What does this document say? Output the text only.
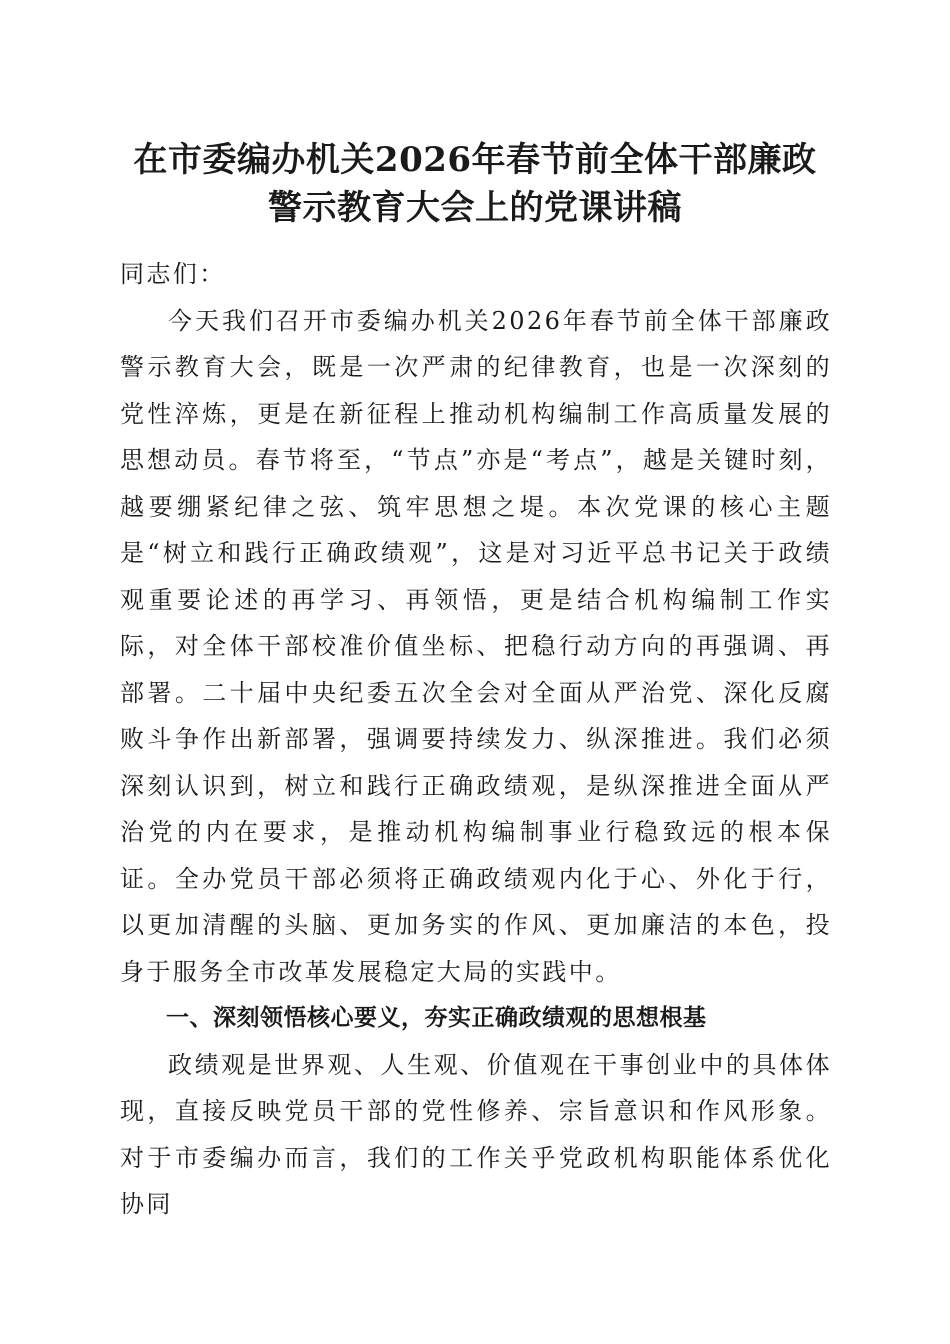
在市委编办机关2026年春节前全体干部廉政
警示教育大会上的党课讲稿

同志们：

今天我们召开市委编办机关2026年春节前全体干部廉政警示教育大会，既是一次严肃的纪律教育，也是一次深刻的党性淬炼，更是在新征程上推动机构编制工作高质量发展的思想动员。春节将至，“节点”亦是“考点”，越是关键时刻，越要绷紧纪律之弦、筑牢思想之堤。本次党课的核心主题是“树立和践行正确政绩观”，这是对习近平总书记关于政绩观重要论述的再学习、再领悟，更是结合机构编制工作实际，对全体干部校准价值坐标、把稳行动方向的再强调、再部署。二十届中央纪委五次全会对全面从严治党、深化反腐败斗争作出新部署，强调要持续发力、纵深推进。我们必须深刻认识到，树立和践行正确政绩观，是纵深推进全面从严治党的内在要求，是推动机构编制事业行稳致远的根本保证。全办党员干部必须将正确政绩观内化于心、外化于行，以更加清醒的头脑、更加务实的作风、更加廉洁的本色，投身于服务全市改革发展稳定大局的实践中。

一、深刻领悟核心要义，夯实正确政绩观的思想根基

政绩观是世界观、人生观、价值观在干事创业中的具体体现，直接反映党员干部的党性修养、宗旨意识和作风形象。对于市委编办而言，我们的工作关乎党政机构职能体系优化协同
